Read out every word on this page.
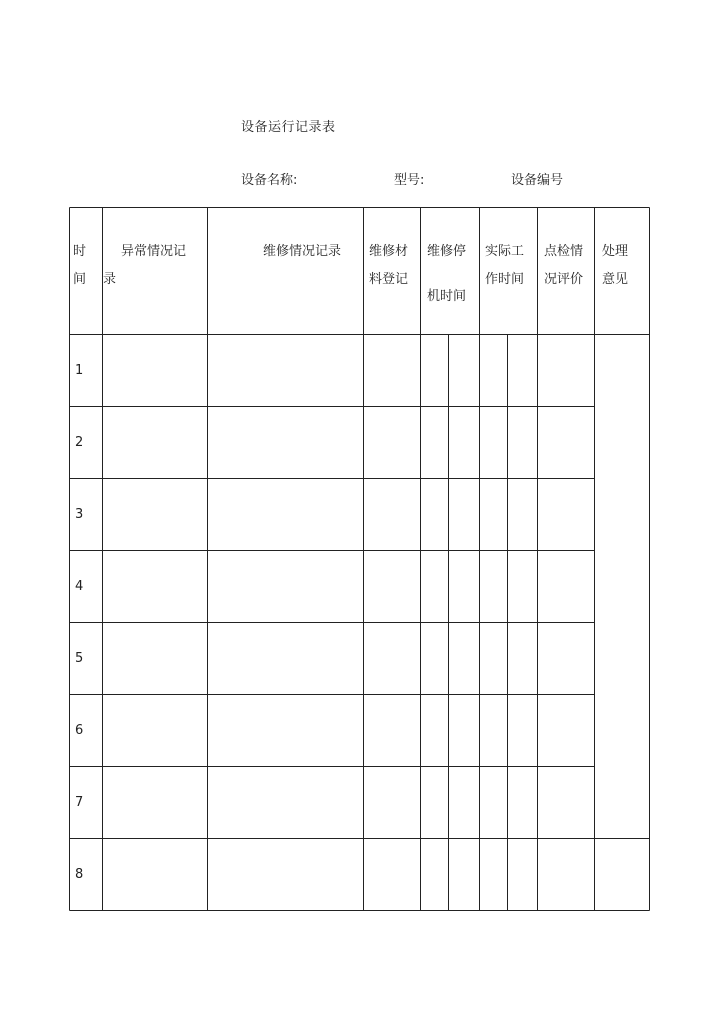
设备运行记录表
设备名称:	型号:	设备编号
时
间
异常情况记
录
维修情况记录 维修材
料登记
维修停
机时间
实际工
作时间
点检情
况评价
处理
意见
1
2
3
4
5
6
7
8
